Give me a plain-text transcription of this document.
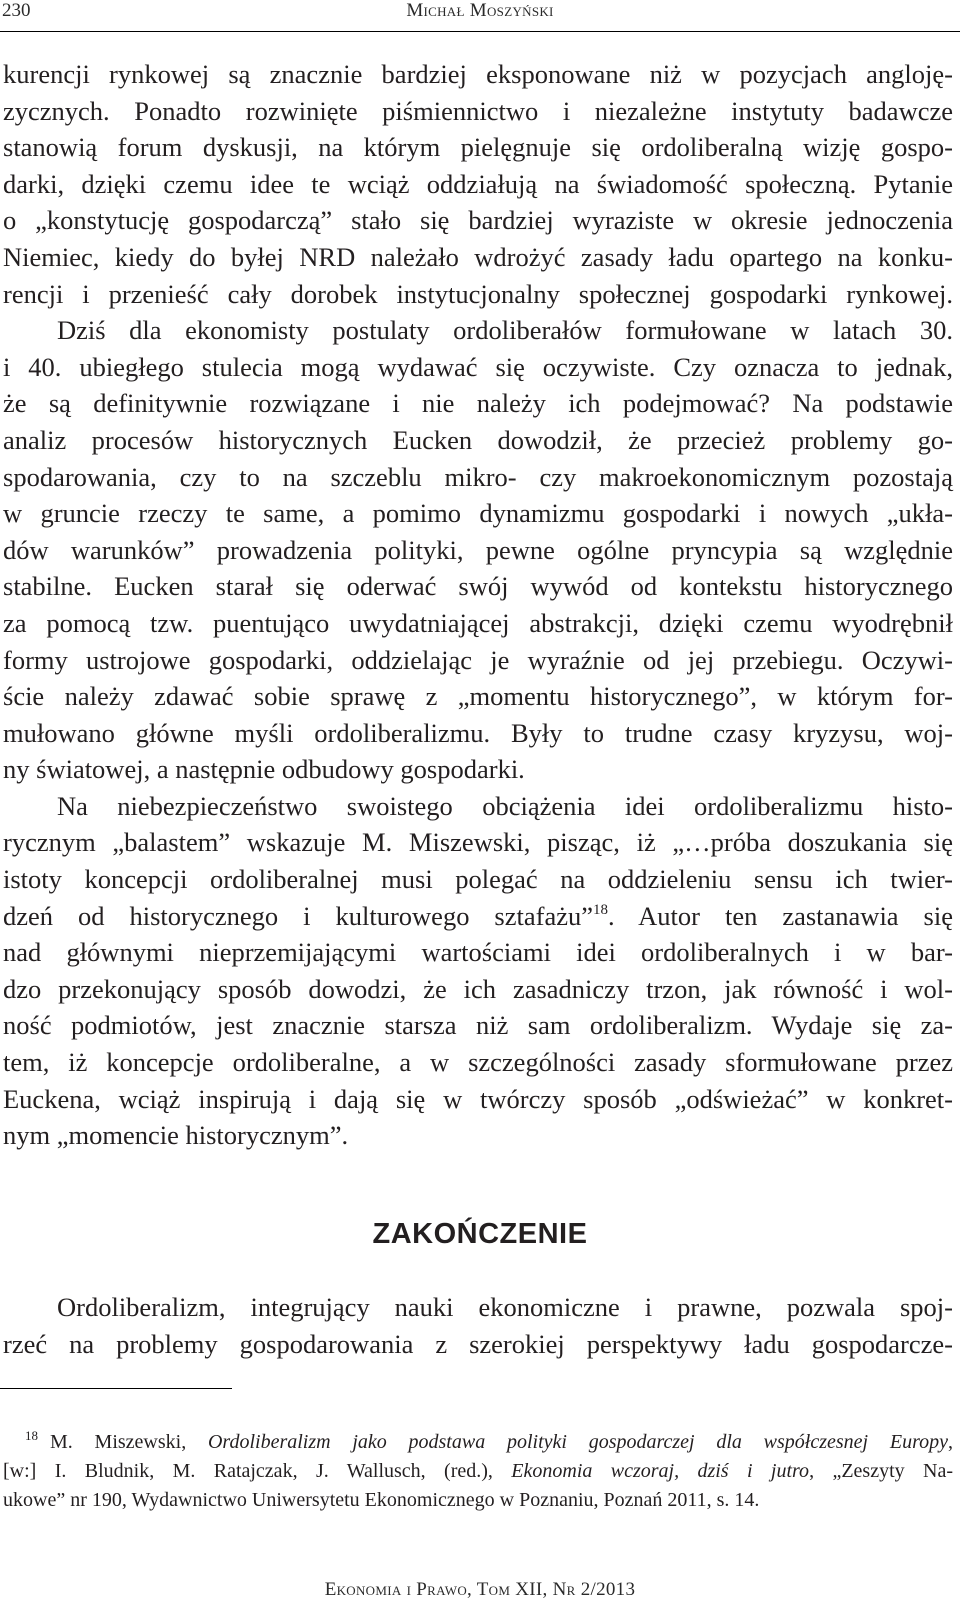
230	Michał Moszyński
kurencji rynkowej są znacznie bardziej eksponowane niż w pozycjach angloję-
zycznych. Ponadto rozwinięte piśmiennictwo i niezależne instytuty badawcze
stanowią forum dyskusji, na którym pielęgnuje się ordoliberalną wizję gospo-
darki, dzięki czemu idee te wciąż oddziałują na świadomość społeczną. Pytanie
o „konstytucję gospodarczą” stało się bardziej wyraziste w okresie jednoczenia
Niemiec, kiedy do byłej NRD należało wdrożyć zasady ładu opartego na konku-
rencji i przenieść cały dorobek instytucjonalny społecznej gospodarki rynkowej.
Dziś dla ekonomisty postulaty ordoliberałów formułowane w latach 30.
i 40. ubiegłego stulecia mogą wydawać się oczywiste. Czy oznacza to jednak,
że są definitywnie rozwiązane i nie należy ich podejmować? Na podstawie
analiz procesów historycznych Eucken dowodził, że przecież problemy go-
spodarowania, czy to na szczeblu mikro- czy makroekonomicznym pozostają
w gruncie rzeczy te same, a pomimo dynamizmu gospodarki i nowych „ukła-
dów warunków” prowadzenia polityki, pewne ogólne pryncypia są względnie
stabilne. Eucken starał się oderwać swój wywód od kontekstu historycznego
za pomocą tzw. puentująco uwydatniającej abstrakcji, dzięki czemu wyodrębnił
formy ustrojowe gospodarki, oddzielając je wyraźnie od jej przebiegu. Oczywi-
ście należy zdawać sobie sprawę z „momentu historycznego”, w którym for-
mułowano główne myśli ordoliberalizmu. Były to trudne czasy kryzysu, woj-
ny światowej, a następnie odbudowy gospodarki.
Na niebezpieczeństwo swoistego obciążenia idei ordoliberalizmu histo-
rycznym „balastem” wskazuje M. Miszewski, pisząc, iż „…próba doszukania się
istoty koncepcji ordoliberalnej musi polegać na oddzieleniu sensu ich twier-
dzeń od historycznego i kulturowego sztafażu”$^{18}$. Autor ten zastanawia się
nad głównymi nieprzemijającymi wartościami idei ordoliberalnych i w bar-
dzo przekonujący sposób dowodzi, że ich zasadniczy trzon, jak równość i wol-
ność podmiotów, jest znacznie starsza niż sam ordoliberalizm. Wydaje się za-
tem, iż koncepcje ordoliberalne, a w szczególności zasady sformułowane przez
Euckena, wciąż inspirują i dają się w twórczy sposób „odświeżać” w konkret-
nym „momencie historycznym”.
ZAKOŃCZENIE
Ordoliberalizm, integrujący nauki ekonomiczne i prawne, pozwala spoj-
rzeć na problemy gospodarowania z szerokiej perspektywy ładu gospodarcze-
$^{18}$ M. Miszewski, Ordoliberalizm jako podstawa polityki gospodarczej dla współczesnej Europy,
[w:] I. Bludnik, M. Ratajczak, J. Wallusch, (red.), Ekonomia wczoraj, dziś i jutro, „Zeszyty Na-
ukowe” nr 190, Wydawnictwo Uniwersytetu Ekonomicznego w Poznaniu, Poznań 2011, s. 14.
Ekonomia i Prawo, Tom XII, Nr 2/2013
